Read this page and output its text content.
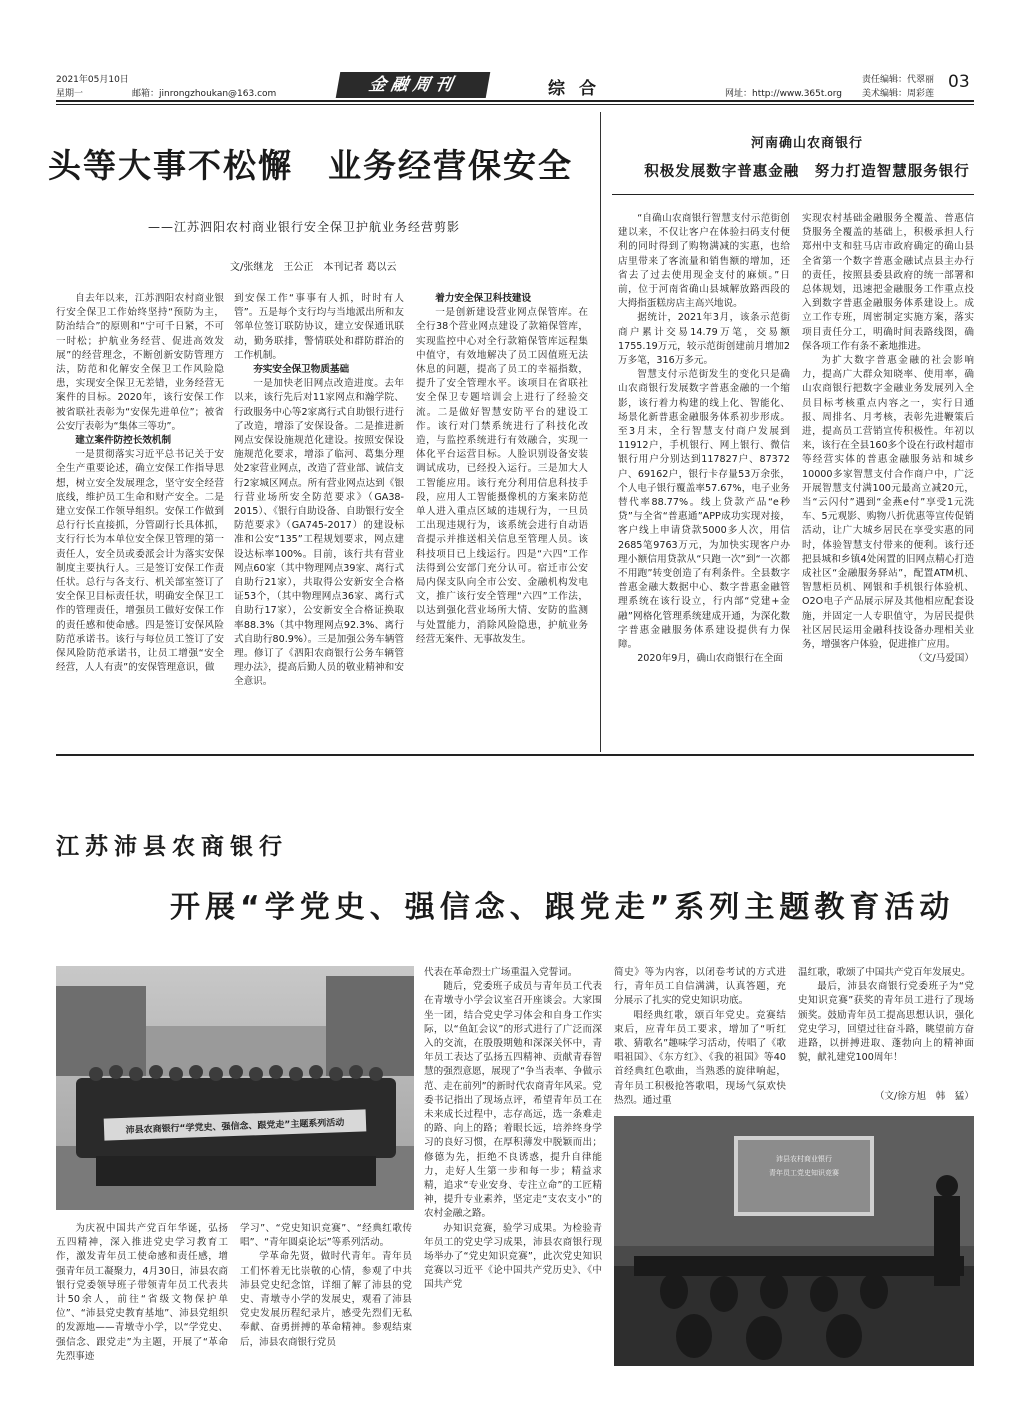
2021年05月10日
星期一	邮箱：jinrongzhoukan@163.com	金融周刊	综合	网址：http://www.365t.org
责任编辑：代翠丽
美术编辑：周彩莲
03
头等大事不松懈　业务经营保安全
——江苏泗阳农村商业银行安全保卫护航业务经营剪影
文/张继龙　王公正　本刊记者 葛以云

自去年以来，江苏泗阳农村商业银行安全保卫工作始终坚持“预防为主，防治结合”的原则和“宁可千日紧，不可一时松；护航业务经营、促进高效发展”的经营理念，不断创新安防管理方法，防范和化解安全保卫工作风险隐患，实现安全保卫无差错，业务经营无案件的目标。2020年，该行安保工作被省联社表彰为“安保先进单位”；被省公安厅表彰为“集体三等功”。

建立案件防控长效机制

一是贯彻落实习近平总书记关于安全生产重要论述，确立安保工作指导思想，树立安全发展理念，坚守安全经营底线，维护员工生命和财产安全。二是建立安保工作领导组织。安保工作做到总行行长直接抓，分管副行长具体抓，支行行长为本单位安全保卫管理的第一责任人，安全员或委派会计为落实安保制度主要执行人。三是签订安保工作责任状。总行与各支行、机关部室签订了安全保卫目标责任状，明确安全保卫工作的管理责任，增强员工做好安保工作的责任感和使命感。四是签订安保风险防范承诺书。该行与每位员工签订了安保风险防范承诺书，让员工增强“安全经营，人人有责”的安保管理意识，做

到安保工作“事事有人抓，时时有人管”。五是每个支行均与当地派出所和友邻单位签订联防协议，建立安保通讯联动，勤务联排，警情联处和群防群治的工作机制。

夯实安全保卫物质基础

一是加快老旧网点改造进度。去年以来，该行先后对11家网点和瀚学院、行政服务中心等2家离行式自助银行进行了改造，增添了安保设备。二是推进新网点安保设施规范化建设。按照安保设施规范化要求，增添了临河、葛集分理处2家营业网点，改造了营业部、诚信支行2家城区网点。所有营业网点达到《银行营业场所安全防范要求》（GA38-2015）、《银行自助设备、自助银行安全防范要求》（GA745-2017）的建设标准和公安“135”工程规划要求，网点建设达标率100%。目前，该行共有营业网点60家（其中物理网点39家、离行式自助行21家），共取得公安新安全合格证53个，（其中物理网点36家、离行式自助行17家），公安新安全合格证换取率88.3%（其中物理网点92.3%、离行式自助行80.9%）。三是加强公务车辆管理。修订了《泗阳农商银行公务车辆管理办法》，提高后勤人员的敬业精神和安全意识。

着力安全保卫科技建设

一是创新建设营业网点保管库。在全行38个营业网点建设了款箱保管库，实现监控中心对全行款箱保管库远程集中值守，有效地解决了员工因值班无法休息的问题，提高了员工的幸福指数，提升了安全管理水平。该项目在省联社安全保卫专题培训会上进行了经验交流。二是做好智慧安防平台的建设工作。该行对门禁系统进行了科技化改造，与监控系统进行有效融合，实现一体化平台运营目标。人脸识别设备安装调试成功，已经投入运行。三是加大人工智能应用。该行充分利用信息科技手段，应用人工智能摄像机的方案来防范单人进入重点区域的违规行为，一旦员工出现违规行为，该系统会进行自动语音提示并推送相关信息至管理人员。该科技项目已上线运行。四是“六四”工作法得到公安部门充分认可。宿迁市公安局内保支队向全市公安、金融机构发电文，推广该行安全管理“六四”工作法，以达到强化营业场所大情、安防的监测与处置能力，消除风险隐患，护航业务经营无案件、无事故发生。

河南确山农商银行
积极发展数字普惠金融　努力打造智慧服务银行

“自确山农商银行智慧支付示范街创建以来，不仅让客户在体验扫码支付便利的同时得到了购物满减的实惠，也给店里带来了客流量和销售额的增加，还省去了过去使用现金支付的麻烦。”日前，位于河南省确山县城解放路西段的大拇指蛋糕房店主高兴地说。

据统计，2021年3月，该条示范街商户累计交易14.79万笔，交易额1755.19万元，较示范街创建前月增加2万多笔，316万多元。

智慧支付示范街发生的变化只是确山农商银行发展数字普惠金融的一个缩影，该行着力构建的线上化、智能化、场景化新普惠金融服务体系初步形成。至3月末，全行智慧支付商户发展到11912户，手机银行、网上银行、微信银行用户分别达到117827户、87372户、69162户，银行卡存量53万余张，个人电子银行覆盖率57.67%，电子业务替代率88.77%。线上贷款产品“e秒贷”与全省“普惠通”APP成功实现对接，客户线上申请贷款5000多人次，用信2685笔9763万元，为加快实现客户办理小额信用贷款从“只跑一次”到“一次都不用跑”转变创造了有利条件。全县数字普惠金融大数据中心、数字普惠金融管理系统在该行设立，行内部“党建+金融”网格化管理系统建成开通，为深化数字普惠金融服务体系建设提供有力保障。

2020年9月，确山农商银行在全面

实现农村基础金融服务全覆盖、普惠信贷服务全覆盖的基础上，积极承担人行郑州中支和驻马店市政府确定的确山县全省第一个数字普惠金融试点县主办行的责任，按照县委县政府的统一部署和总体规划，迅速把金融服务工作重点投入到数字普惠金融服务体系建设上。成立工作专班，周密制定实施方案，落实项目责任分工，明确时间表路线图，确保各项工作有条不紊地推进。

为扩大数字普惠金融的社会影响力，提高广大群众知晓率、使用率，确山农商银行把数字金融业务发展列入全员目标考核重点内容之一，实行日通报、周排名、月考核，表彰先进鞭策后进，提高员工营销宣传积极性。年初以来，该行在全县160多个设在行政村超市等经营实体的普惠金融服务站和城乡10000多家智慧支付合作商户中，广泛开展智慧支付满100元最高立减20元，当“云闪付”遇到“金燕e付”享受1元洗车、5元观影、购物八折优惠等宣传促销活动，让广大城乡居民在享受实惠的同时，体验智慧支付带来的便利。该行还把县城和乡镇4处闲置的旧网点精心打造成社区“金融服务驿站”，配置ATM机、智慧柜员机、网银和手机银行体验机、O2O电子产品展示屏及其他相应配套设施，并固定一人专职值守，为居民提供社区居民运用金融科技设备办理相关业务，增强客户体验，促进推广应用。

（文/马爱国）

江苏沛县农商银行
开展“学党史、强信念、跟党走”系列主题教育活动
沛县农商银行“学党史、强信念、跟党走”主题系列活动

为庆祝中国共产党百年华诞，弘扬五四精神，深入推进党史学习教育工作，激发青年员工使命感和责任感，增强青年员工凝聚力，4月30日，沛县农商银行党委领导班子带领青年员工代表共计50余人，前往“省级文物保护单位”、“沛县党史教育基地”、沛县党组织的发源地——青墩寺小学，以“学党史、强信念、跟党走”为主题，开展了“革命先烈事迹

学习”、“党史知识竞赛”、“经典红歌传唱”、“青年圆桌论坛”等系列活动。

学革命先贤，做时代青年。青年员工们怀着无比崇敬的心情，参观了中共沛县党史纪念馆，详细了解了沛县的党史、青墩寺小学的发展史，观看了沛县党史发展历程纪录片，感受先烈们无私奉献、奋勇拼搏的革命精神。参观结束后，沛县农商银行党员

代表在革命烈士广场重温入党誓词。

随后，党委班子成员与青年员工代表在青墩寺小学会议室召开座谈会。大家围坐一团，结合党史学习体会和自身工作实际，以“鱼缸会议”的形式进行了广泛而深入的交流，在殷殷期勉和深深关怀中，青年员工表达了弘扬五四精神、贡献青春智慧的强烈意愿，展现了“争当表率、争做示范、走在前列”的新时代农商青年风采。党委书记指出了现场点评，希望青年员工在未来成长过程中，志存高远，选一条难走的路、向上的路；着眼长远，培养终身学习的良好习惯，在厚积薄发中脱颖而出；修德为先，拒绝不良诱惑，提升自律能力，走好人生第一步和每一步；精益求精，追求“专业安身、专注立命”的工匠精神，提升专业素养，坚定走“支农支小”的农村金融之路。

办知识竞赛，验学习成果。为检验青年员工的党史学习成果，沛县农商银行现场举办了“党史知识竞赛”，此次党史知识竞赛以习近平《论中国共产党历史》、《中国共产党

简史》等为内容，以闭卷考试的方式进行，青年员工自信满满，认真答题，充分展示了扎实的党史知识功底。

唱经典红歌，颂百年党史。竞赛结束后，应青年员工要求，增加了“听红歌、猜歌名”趣味学习活动，传唱了《歌唱祖国》、《东方红》、《我的祖国》等40首经典红色歌曲，当熟悉的旋律响起，青年员工积极抢答歌唱，现场气氛欢快热烈。通过重

温红歌，歌颂了中国共产党百年发展史。

最后，沛县农商银行党委班子为“党史知识竞赛”获奖的青年员工进行了现场颁奖。鼓励青年员工提高思想认识，强化党史学习，回望过往奋斗路，眺望前方奋进路，以拼搏进取、蓬勃向上的精神面貌，献礼建党100周年！

（文/徐方旭　韩　猛）
沛县农村商业银行
青年员工党史知识竞赛
